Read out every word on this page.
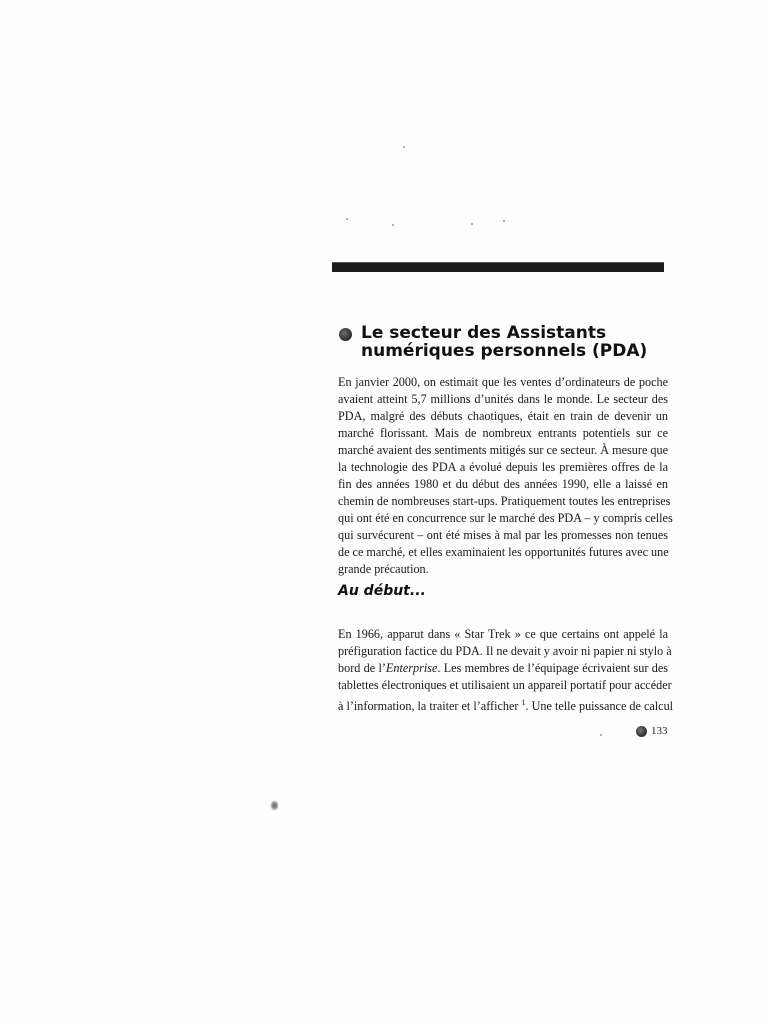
Le secteur des Assistants
numériques personnels (PDA)

En janvier 2000, on estimait que les ventes d’ordinateurs de poche
avaient atteint 5,7 millions d’unités dans le monde. Le secteur des
PDA, malgré des débuts chaotiques, était en train de devenir un
marché florissant. Mais de nombreux entrants potentiels sur ce
marché avaient des sentiments mitigés sur ce secteur. À mesure que
la technologie des PDA a évolué depuis les premières offres de la
fin des années 1980 et du début des années 1990, elle a laissé en
chemin de nombreuses start-ups. Pratiquement toutes les entreprises
qui ont été en concurrence sur le marché des PDA – y compris celles
qui survécurent – ont été mises à mal par les promesses non tenues
de ce marché, et elles examinaient les opportunités futures avec une
grande précaution.

Au début...

En 1966, apparut dans « Star Trek » ce que certains ont appelé la
préfiguration factice du PDA. Il ne devait y avoir ni papier ni stylo à
bord de l’Enterprise. Les membres de l’équipage écrivaient sur des
tablettes électroniques et utilisaient un appareil portatif pour accéder
à l’information, la traiter et l’afficher $^1$. Une telle puissance de calcul

133
